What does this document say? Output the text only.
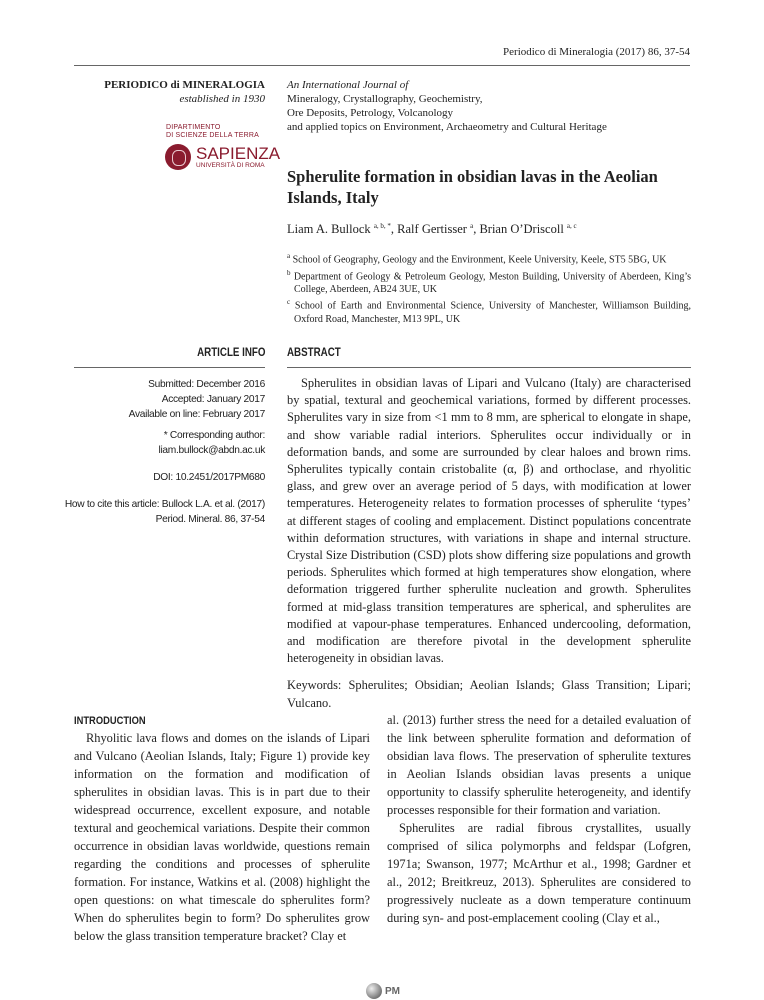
Periodico di Mineralogia (2017) 86, 37-54
PERIODICO di MINERALOGIA
established in 1930
An International Journal of
Mineralogy, Crystallography, Geochemistry,
Ore Deposits, Petrology, Volcanology
and applied topics on Environment, Archaeometry and Cultural Heritage
DIPARTIMENTO
DI SCIENZE DELLA TERRA
SAPIENZA
UNIVERSITÀ DI ROMA
Spherulite formation in obsidian lavas in the Aeolian Islands, Italy
Liam A. Bullock $^{a, b, *}$, Ralf Gertisser $^a$, Brian O’Driscoll $^{a, c}$
$^a$ School of Geography, Geology and the Environment, Keele University, Keele, ST5 5BG, UK
$^b$ Department of Geology & Petroleum Geology, Meston Building, University of Aberdeen, King’s College, Aberdeen, AB24 3UE, UK
$^c$ School of Earth and Environmental Science, University of Manchester, Williamson Building, Oxford Road, Manchester, M13 9PL, UK
ARTICLE INFO ABSTRACT
Submitted: December 2016
Accepted: January 2017
Available on line: February 2017
* Corresponding author:
liam.bullock@abdn.ac.uk
DOI: 10.2451/2017PM680
How to cite this article: Bullock L.A. et al. (2017)
Period. Mineral. 86, 37-54
Spherulites in obsidian lavas of Lipari and Vulcano (Italy) are characterised by spatial, textural and geochemical variations, formed by different processes. Spherulites vary in size from <1 mm to 8 mm, are spherical to elongate in shape, and show variable radial interiors. Spherulites occur individually or in deformation bands, and some are surrounded by clear haloes and brown rims. Spherulites typically contain cristobalite (α, β) and orthoclase, and rhyolitic glass, and grew over an average period of 5 days, with modification at lower temperatures. Heterogeneity relates to formation processes of spherulite ‘types’ at different stages of cooling and emplacement. Distinct populations concentrate within deformation structures, with variations in shape and internal structure. Crystal Size Distribution (CSD) plots show differing size populations and growth periods. Spherulites which formed at high temperatures show elongation, where deformation triggered further spherulite nucleation and growth. Spherulites formed at mid-glass transition temperatures are spherical, and spherulites are modified at vapour-phase temperatures. Enhanced undercooling, deformation, and modification are therefore pivotal in the development spherulite heterogeneity in obsidian lavas.
Keywords: Spherulites; Obsidian; Aeolian Islands; Glass Transition; Lipari; Vulcano.
INTRODUCTION
Rhyolitic lava flows and domes on the islands of Lipari and Vulcano (Aeolian Islands, Italy; Figure 1) provide key information on the formation and modification of spherulites in obsidian lavas. This is in part due to their widespread occurrence, excellent exposure, and notable textural and geochemical variations. Despite their common occurrence in obsidian lavas worldwide, questions remain regarding the conditions and processes of spherulite formation. For instance, Watkins et al. (2008) highlight the open questions: on what timescale do spherulites form? When do spherulites begin to form? Do spherulites grow below the glass transition temperature bracket? Clay et

al. (2013) further stress the need for a detailed evaluation of the link between spherulite formation and deformation of obsidian lava flows. The preservation of spherulite textures in Aeolian Islands obsidian lavas presents a unique opportunity to classify spherulite heterogeneity, and identify processes responsible for their formation and variation.

Spherulites are radial fibrous crystallites, usually comprised of silica polymorphs and feldspar (Lofgren, 1971a; Swanson, 1977; McArthur et al., 1998; Gardner et al., 2012; Breitkreuz, 2013). Spherulites are considered to progressively nucleate as a down temperature continuum during syn- and post-emplacement cooling (Clay et al.,

PM
